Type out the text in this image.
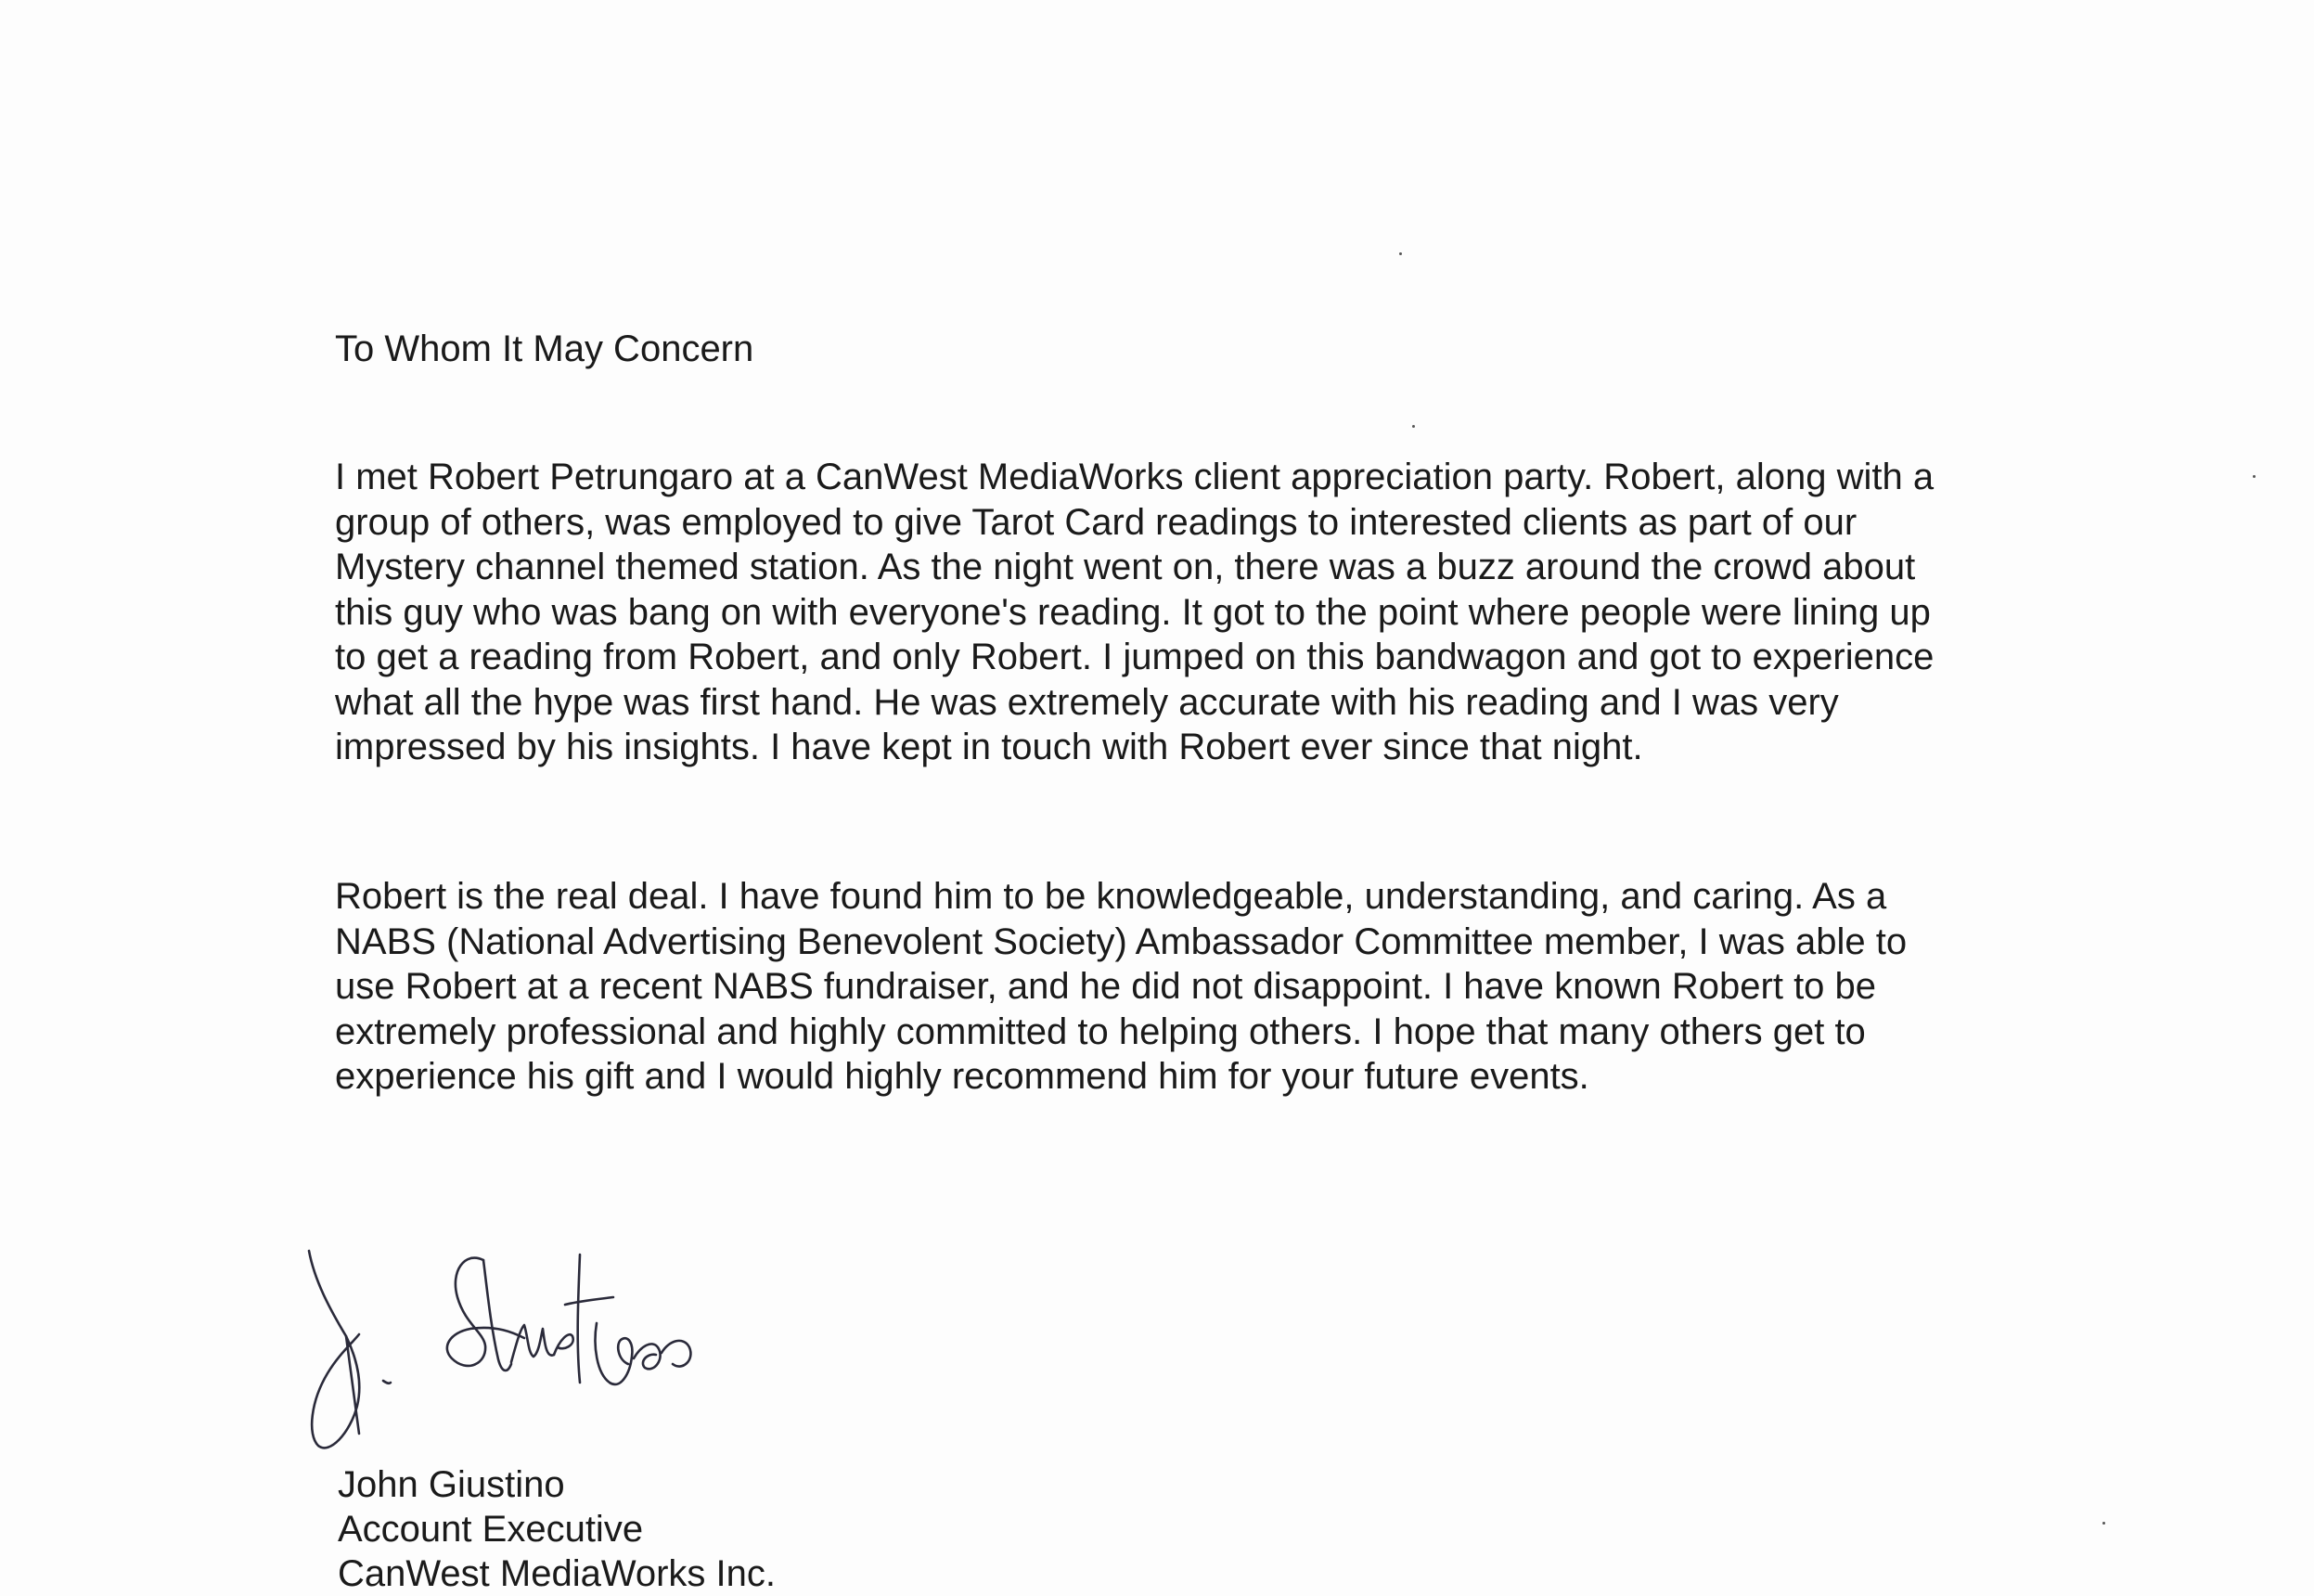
To Whom It May Concern
I met Robert Petrungaro at a CanWest MediaWorks client appreciation party. Robert, along with a
group of others, was employed to give Tarot Card readings to interested clients as part of our
Mystery channel themed station. As the night went on, there was a buzz around the crowd about
this guy who was bang on with everyone's reading. It got to the point where people were lining up
to get a reading from Robert, and only Robert. I jumped on this bandwagon and got to experience
what all the hype was first hand. He was extremely accurate with his reading and I was very
impressed by his insights. I have kept in touch with Robert ever since that night.
Robert is the real deal. I have found him to be knowledgeable, understanding, and caring. As a
NABS (National Advertising Benevolent Society) Ambassador Committee member, I was able to
use Robert at a recent NABS fundraiser, and he did not disappoint. I have known Robert to be
extremely professional and highly committed to helping others. I hope that many others get to
experience his gift and I would highly recommend him for your future events.
John Giustino
Account Executive
CanWest MediaWorks Inc.
